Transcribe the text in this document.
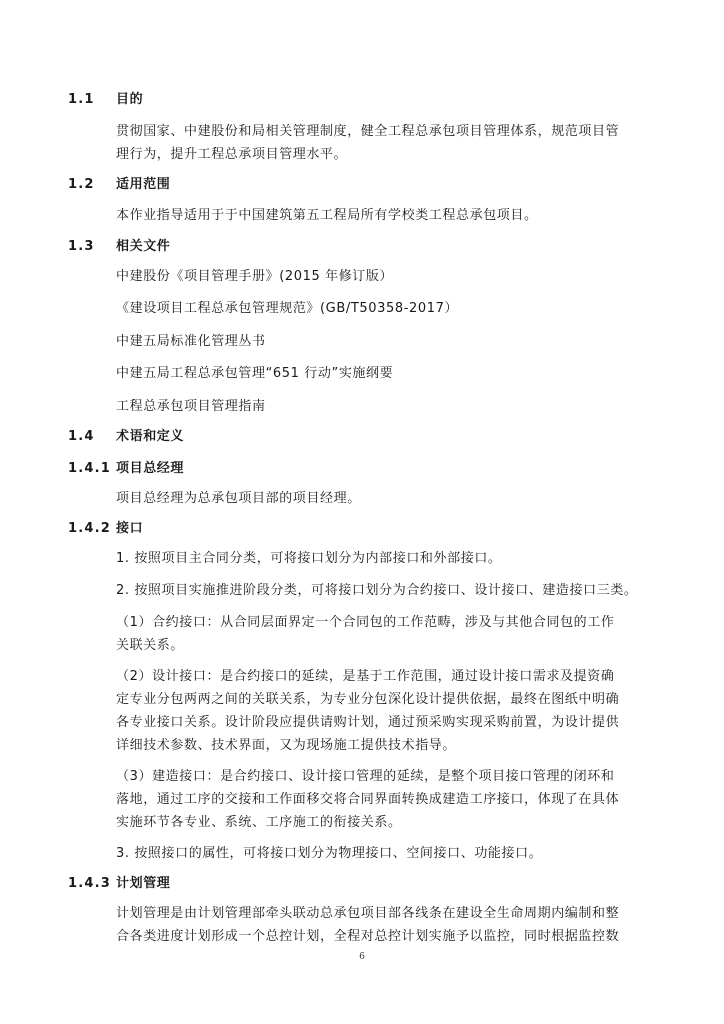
1.1 目的
贯彻国家、中建股份和局相关管理制度，健全工程总承包项目管理体系，规范项目管
理行为，提升工程总承项目管理水平。
1.2 适用范围
本作业指导适用于于中国建筑第五工程局所有学校类工程总承包项目。
1.3 相关文件
中建股份《项目管理手册》(2015 年修订版）
《建设项目工程总承包管理规范》(GB/T50358-2017）
中建五局标准化管理丛书
中建五局工程总承包管理“651 行动”实施纲要
工程总承包项目管理指南
1.4 术语和定义
1.4.1 项目总经理
项目总经理为总承包项目部的项目经理。
1.4.2 接口
1. 按照项目主合同分类，可将接口划分为内部接口和外部接口。
2. 按照项目实施推进阶段分类，可将接口划分为合约接口、设计接口、建造接口三类。
（1）合约接口：从合同层面界定一个合同包的工作范畴，涉及与其他合同包的工作
关联关系。
（2）设计接口：是合约接口的延续，是基于工作范围，通过设计接口需求及提资确
定专业分包两两之间的关联关系，为专业分包深化设计提供依据，最终在图纸中明确
各专业接口关系。设计阶段应提供请购计划，通过预采购实现采购前置，为设计提供
详细技术参数、技术界面，又为现场施工提供技术指导。
（3）建造接口：是合约接口、设计接口管理的延续，是整个项目接口管理的闭环和
落地，通过工序的交接和工作面移交将合同界面转换成建造工序接口，体现了在具体
实施环节各专业、系统、工序施工的衔接关系。
3. 按照接口的属性，可将接口划分为物理接口、空间接口、功能接口。
1.4.3 计划管理
计划管理是由计划管理部牵头联动总承包项目部各线条在建设全生命周期内编制和整
合各类进度计划形成一个总控计划，全程对总控计划实施予以监控，同时根据监控数
6
